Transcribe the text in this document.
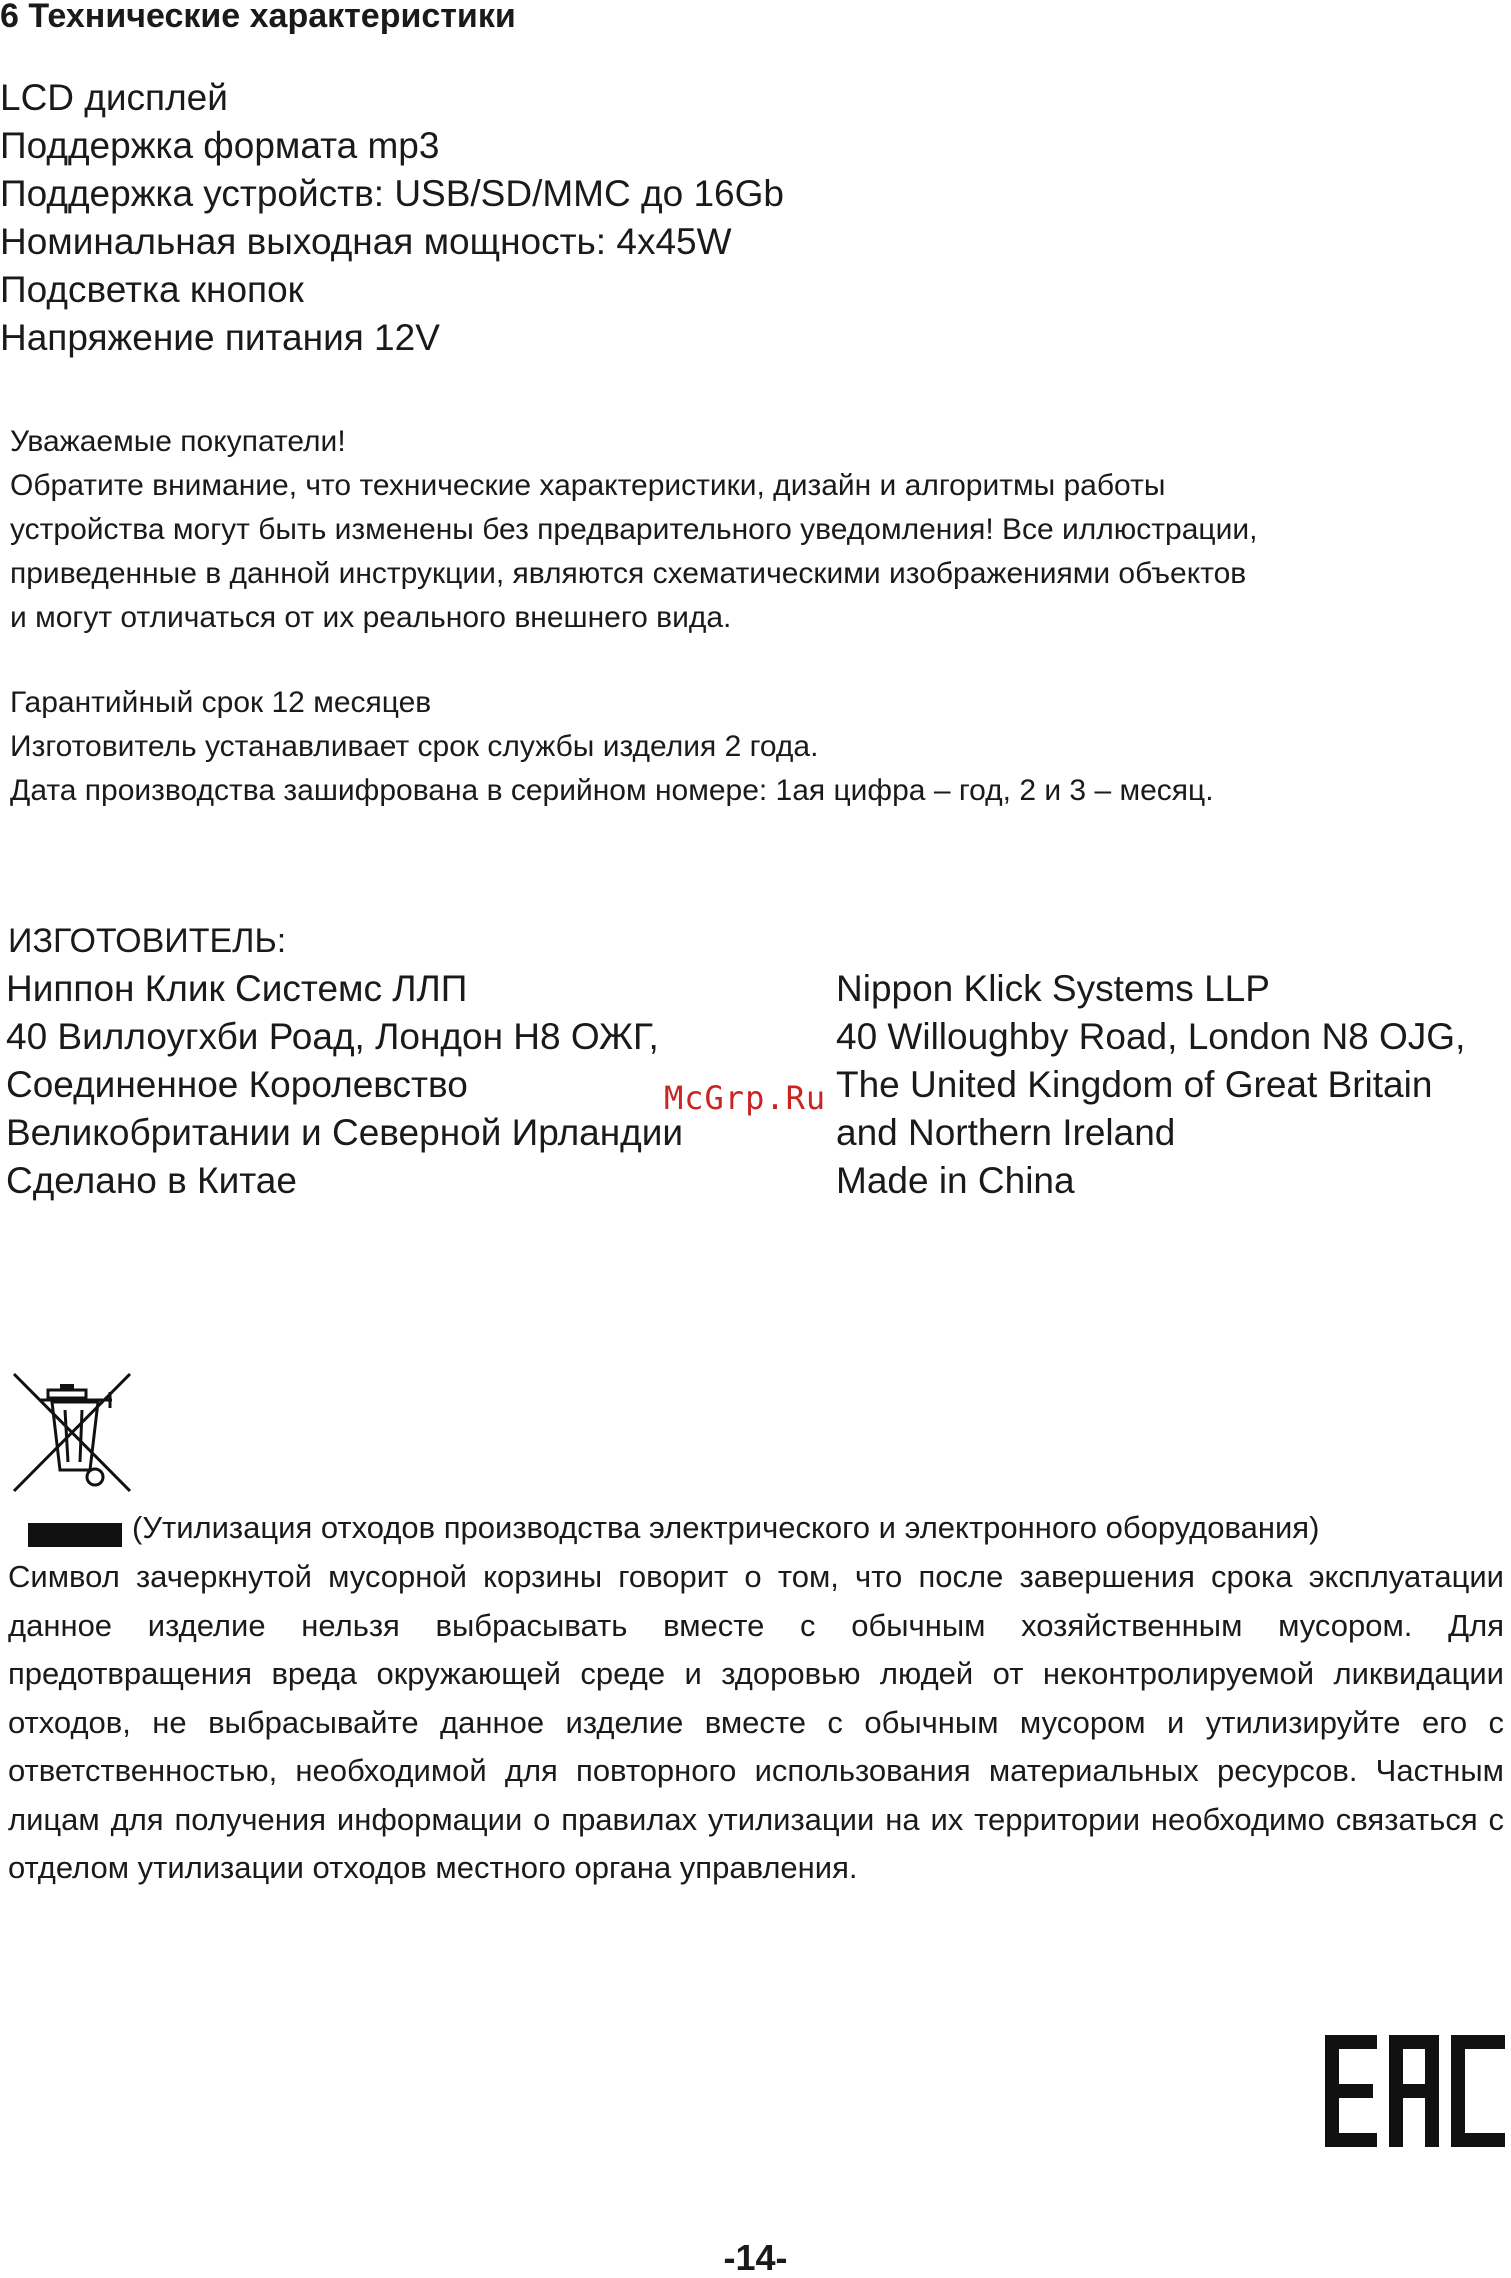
6 Технические характеристики
LCD дисплей
Поддержка формата mp3
Поддержка устройств: USB/SD/MMC до 16Gb
Номинальная выходная мощность: 4x45W
Подсветка кнопок
Напряжение питания 12V
Уважаемые покупатели!
Обратите внимание, что технические характеристики, дизайн и алгоритмы работы
устройства могут быть изменены без предварительного уведомления! Все иллюстрации,
приведенные в данной инструкции, являются схематическими изображениями объектов
и могут отличаться от их реального внешнего вида.
Гарантийный срок 12 месяцев
Изготовитель устанавливает срок службы изделия 2 года.
Дата производства зашифрована в серийном номере: 1ая цифра – год, 2 и 3 – месяц.
ИЗГОТОВИТЕЛЬ:
Ниппон Клик Системс ЛЛП
40 Виллоугхби Роад, Лондон Н8 ОЖГ,
Соединенное Королевство
Великобритании и Северной Ирландии
Сделано в Китае
Nippon Klick Systems LLP
40 Willoughby Road, London N8 OJG,
The United Kingdom of Great Britain
and Northern Ireland
Made in China
McGrp.Ru
(Утилизация отходов производства электрического и электронного оборудования)
Символ зачеркнутой мусорной корзины говорит о том, что после завершения срока эксплуатации данное изделие нельзя выбрасывать вместе с обычным хозяйственным мусором. Для предотвращения вреда окружающей среде и здоровью людей от неконтролируемой ликвидации отходов, не выбрасывайте данное изделие вместе с обычным мусором и утилизируйте его с ответственностью, необходимой для повторного использования материальных ресурсов. Частным лицам для получения информации о правилах утилизации на их территории необходимо связаться с отделом утилизации отходов местного органа управления.
-14-
